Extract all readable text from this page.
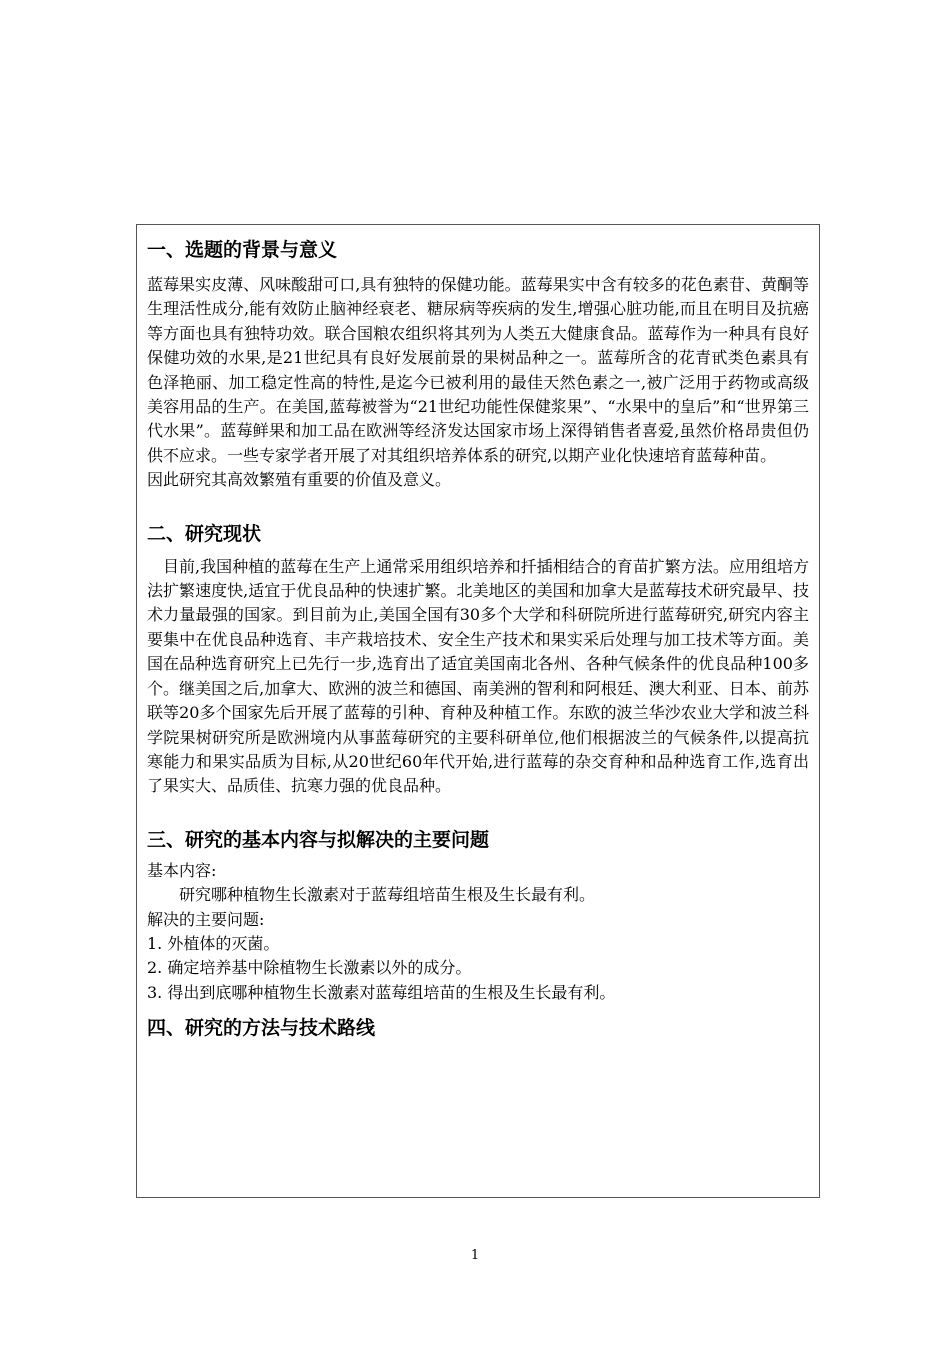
一、选题的背景与意义

蓝莓果实皮薄、风味酸甜可口,具有独特的保健功能。蓝莓果实中含有较多的花色素苷、黄酮等生理活性成分,能有效防止脑神经衰老、糖尿病等疾病的发生,增强心脏功能,而且在明目及抗癌等方面也具有独特功效。联合国粮农组织将其列为人类五大健康食品。蓝莓作为一种具有良好保健功效的水果,是21世纪具有良好发展前景的果树品种之一。蓝莓所含的花青甙类色素具有色泽艳丽、加工稳定性高的特性,是迄今已被利用的最佳天然色素之一,被广泛用于药物或高级美容用品的生产。在美国,蓝莓被誉为“21世纪功能性保健浆果”、“水果中的皇后”和“世界第三代水果”。蓝莓鲜果和加工品在欧洲等经济发达国家市场上深得销售者喜爱,虽然价格昂贵但仍供不应求。一些专家学者开展了对其组织培养体系的研究,以期产业化快速培育蓝莓种苗。

因此研究其高效繁殖有重要的价值及意义。

二、研究现状

目前,我国种植的蓝莓在生产上通常采用组织培养和扦插相结合的育苗扩繁方法。应用组培方法扩繁速度快,适宜于优良品种的快速扩繁。北美地区的美国和加拿大是蓝莓技术研究最早、技术力量最强的国家。到目前为止,美国全国有30多个大学和科研院所进行蓝莓研究,研究内容主要集中在优良品种选育、丰产栽培技术、安全生产技术和果实采后处理与加工技术等方面。美国在品种选育研究上已先行一步,选育出了适宜美国南北各州、各种气候条件的优良品种100多个。继美国之后,加拿大、欧洲的波兰和德国、南美洲的智利和阿根廷、澳大利亚、日本、前苏联等20多个国家先后开展了蓝莓的引种、育种及种植工作。东欧的波兰华沙农业大学和波兰科学院果树研究所是欧洲境内从事蓝莓研究的主要科研单位,他们根据波兰的气候条件,以提高抗寒能力和果实品质为目标,从20世纪60年代开始,进行蓝莓的杂交育种和品种选育工作,选育出了果实大、品质佳、抗寒力强的优良品种。

三、研究的基本内容与拟解决的主要问题

基本内容:

研究哪种植物生长激素对于蓝莓组培苗生根及生长最有利。

解决的主要问题:

1. 外植体的灭菌。

2. 确定培养基中除植物生长激素以外的成分。

3. 得出到底哪种植物生长激素对蓝莓组培苗的生根及生长最有利。

四、研究的方法与技术路线
1
